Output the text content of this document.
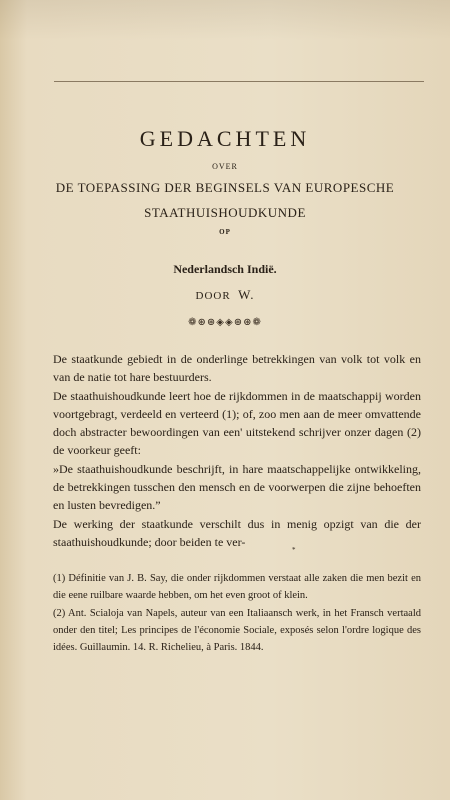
GEDACHTEN
OVER
DE TOEPASSING DER BEGINSELS VAN EUROPESCHE
STAATHUISHOUDKUNDE
OP
Nederlandsch Indië.
DOOR W.
❁⊛⊛◈◈⊛⊛❁

De staatkunde gebiedt in de onderlinge betrekkingen van volk tot volk en van de natie tot hare bestuurders.

De staathuishoudkunde leert hoe de rijkdommen in de maatschappij worden voortgebragt, verdeeld en verteerd (1); of, zoo men aan de meer omvattende doch abstracter bewoordingen van een' uitstekend schrijver onzer dagen (2) de voorkeur geeft:

»De staathuishoudkunde beschrijft, in hare maatschappelijke ontwikkeling, de betrekkingen tusschen den mensch en de voorwerpen die zijne behoeften en lusten bevredigen.”

De werking der staatkunde verschilt dus in menig opzigt van die der staathuishoudkunde; door beiden te ver-

*

(1) Définitie van J. B. Say, die onder rijkdommen verstaat alle zaken die men bezit en die eene ruilbare waarde hebben, om het even groot of klein.

(2) Ant. Scialoja van Napels, auteur van een Italiaansch werk, in het Fransch vertaald onder den titel; Les principes de l'économie Sociale, exposés selon l'ordre logique des idées. Guillaumin. 14. R. Richelieu, à Paris. 1844.
